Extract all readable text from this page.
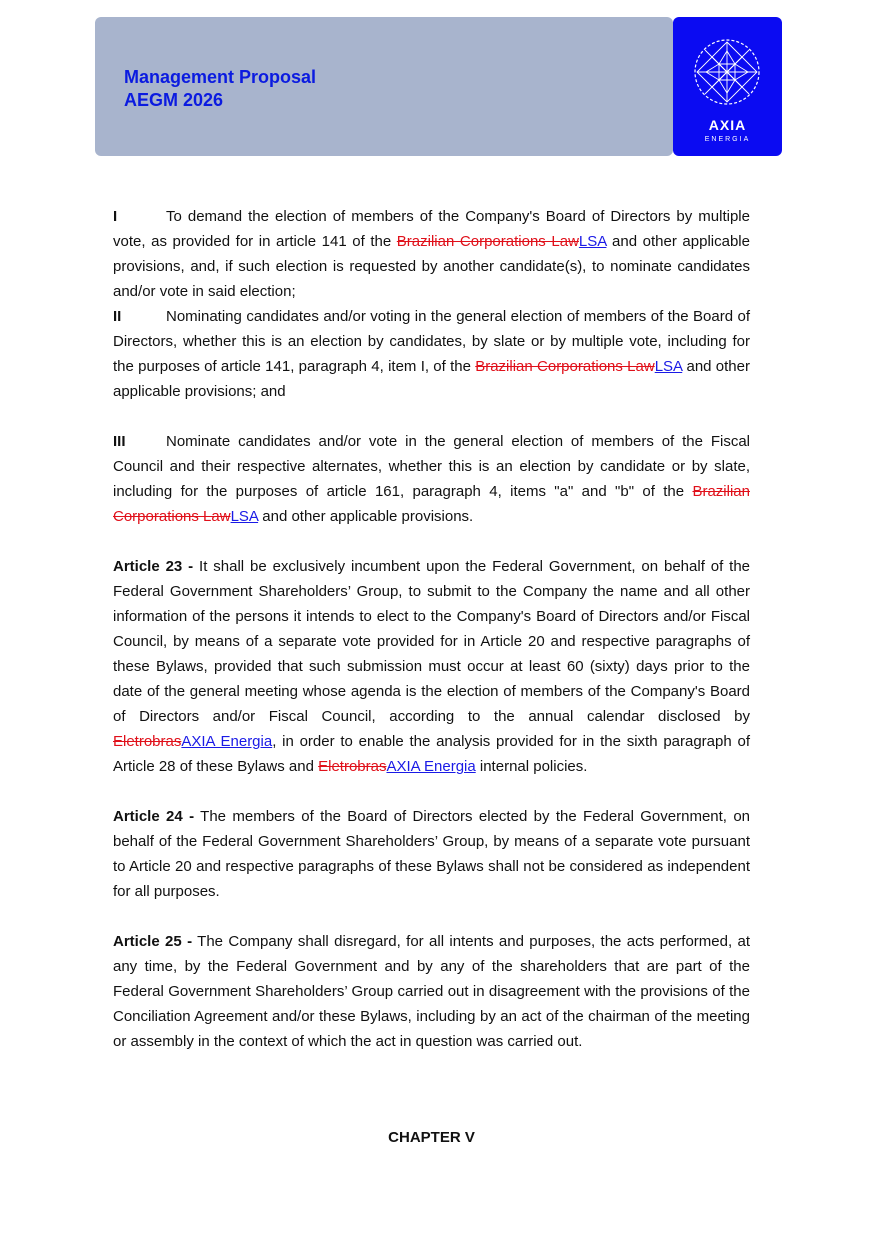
Management Proposal
AEGM 2026
AXIA
ENERGIA

I	To demand the election of members of the Company's Board of Directors by multiple vote, as provided for in article 141 of the Brazilian Corporations LawLSA and other applicable provisions, and, if such election is requested by another candidate(s), to nominate candidates and/or vote in said election;

II	Nominating candidates and/or voting in the general election of members of the Board of Directors, whether this is an election by candidates, by slate or by multiple vote, including for the purposes of article 141, paragraph 4, item I, of the Brazilian Corporations LawLSA and other applicable provisions; and

III	Nominate candidates and/or vote in the general election of members of the Fiscal Council and their respective alternates, whether this is an election by candidate or by slate, including for the purposes of article 161, paragraph 4, items "a" and "b" of the Brazilian Corporations LawLSA and other applicable provisions.

Article 23 - It shall be exclusively incumbent upon the Federal Government, on behalf of the Federal Government Shareholders’ Group, to submit to the Company the name and all other information of the persons it intends to elect to the Company's Board of Directors and/or Fiscal Council, by means of a separate vote provided for in Article 20 and respective paragraphs of these Bylaws, provided that such submission must occur at least 60 (sixty) days prior to the date of the general meeting whose agenda is the election of members of the Company's Board of Directors and/or Fiscal Council, according to the annual calendar disclosed by EletrobrasAXIA Energia, in order to enable the analysis provided for in the sixth paragraph of Article 28 of these Bylaws and EletrobrasAXIA Energia internal policies.

Article 24 - The members of the Board of Directors elected by the Federal Government, on behalf of the Federal Government Shareholders’ Group, by means of a separate vote pursuant to Article 20 and respective paragraphs of these Bylaws shall not be considered as independent for all purposes.

Article 25 - The Company shall disregard, for all intents and purposes, the acts performed, at any time, by the Federal Government and by any of the shareholders that are part of the Federal Government Shareholders’ Group carried out in disagreement with the provisions of the Conciliation Agreement and/or these Bylaws, including by an act of the chairman of the meeting or assembly in the context of which the act in question was carried out.

CHAPTER V
